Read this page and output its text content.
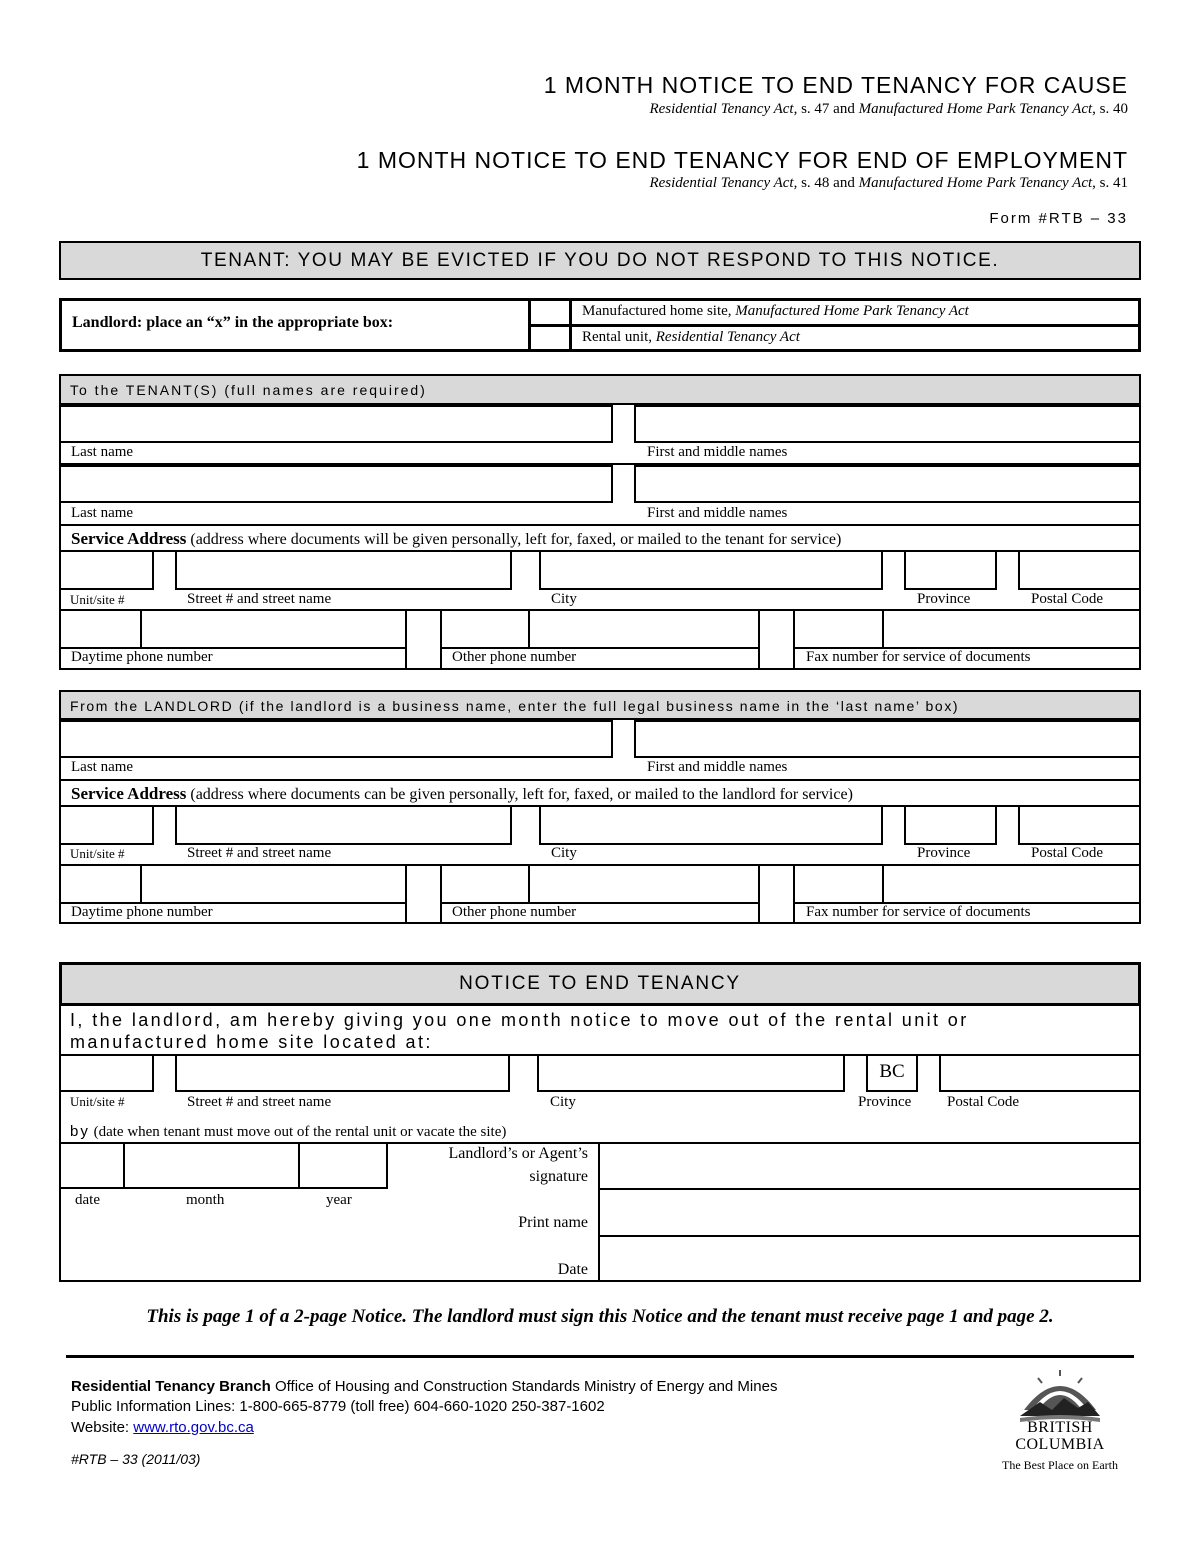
1 MONTH NOTICE TO END TENANCY FOR CAUSE
Residential Tenancy Act, s. 47 and Manufactured Home Park Tenancy Act, s. 40
1 MONTH NOTICE TO END TENANCY FOR END OF EMPLOYMENT
Residential Tenancy Act, s. 48 and Manufactured Home Park Tenancy Act, s. 41
Form #RTB – 33
TENANT: YOU MAY BE EVICTED IF YOU DO NOT RESPOND TO THIS NOTICE.
Landlord: place an “x” in the appropriate box:
Manufactured home site, Manufactured Home Park Tenancy Act
Rental unit, Residential Tenancy Act
To the TENANT(S) (full names are required)
Last name	First and middle names
Last name	First and middle names
Service Address (address where documents will be given personally, left for, faxed, or mailed to the tenant for service)
Unit/site #	Street # and street name	City	Province	Postal Code
Daytime phone number	Other phone number	Fax number for service of documents
From the LANDLORD (if the landlord is a business name, enter the full legal business name in the ‘last name’ box)
Last name	First and middle names
Service Address (address where documents can be given personally, left for, faxed, or mailed to the landlord for service)
Unit/site #	Street # and street name	City	Province	Postal Code
Daytime phone number	Other phone number	Fax number for service of documents
NOTICE TO END TENANCY
I, the landlord, am hereby giving you one month notice to move out of the rental unit or
manufactured home site located at:
BC
Unit/site #	Street # and street name	City	Province Postal Code
by (date when tenant must move out of the rental unit or vacate the site)
date	month	year
Landlord’s or Agent’s
signature
Print name
Date
This is page 1 of a 2-page Notice. The landlord must sign this Notice and the tenant must receive page 1 and page 2.
Residential Tenancy Branch Office of Housing and Construction Standards Ministry of Energy and Mines
Public Information Lines: 1-800-665-8779 (toll free) 604-660-1020 250-387-1602
Website: www.rto.gov.bc.ca
#RTB – 33 (2011/03)
BRITISH
COLUMBIA
The Best Place on Earth
